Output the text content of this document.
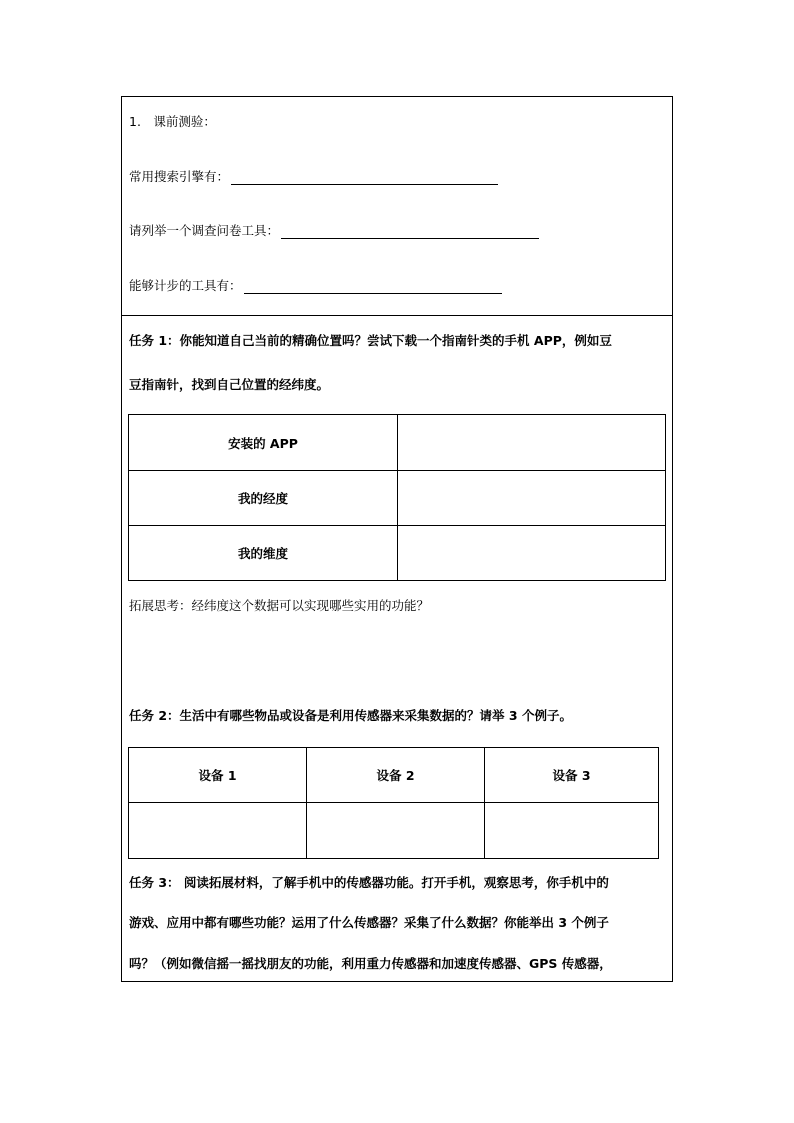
1.　课前测验：
常用搜索引擎有：
请列举一个调查问卷工具：
能够计步的工具有：
任务 1：你能知道自己当前的精确位置吗？尝试下载一个指南针类的手机 APP，例如豆
豆指南针，找到自己位置的经纬度。
安装的 APP	
我的经度	
我的维度	
拓展思考：经纬度这个数据可以实现哪些实用的功能？
任务 2：生活中有哪些物品或设备是利用传感器来采集数据的？请举 3 个例子。
设备 1	设备 2	设备 3

任务 3： 阅读拓展材料，了解手机中的传感器功能。打开手机，观察思考，你手机中的
游戏、应用中都有哪些功能？运用了什么传感器？采集了什么数据？你能举出 3 个例子
吗？（例如微信摇一摇找朋友的功能，利用重力传感器和加速度传感器、GPS 传感器，
